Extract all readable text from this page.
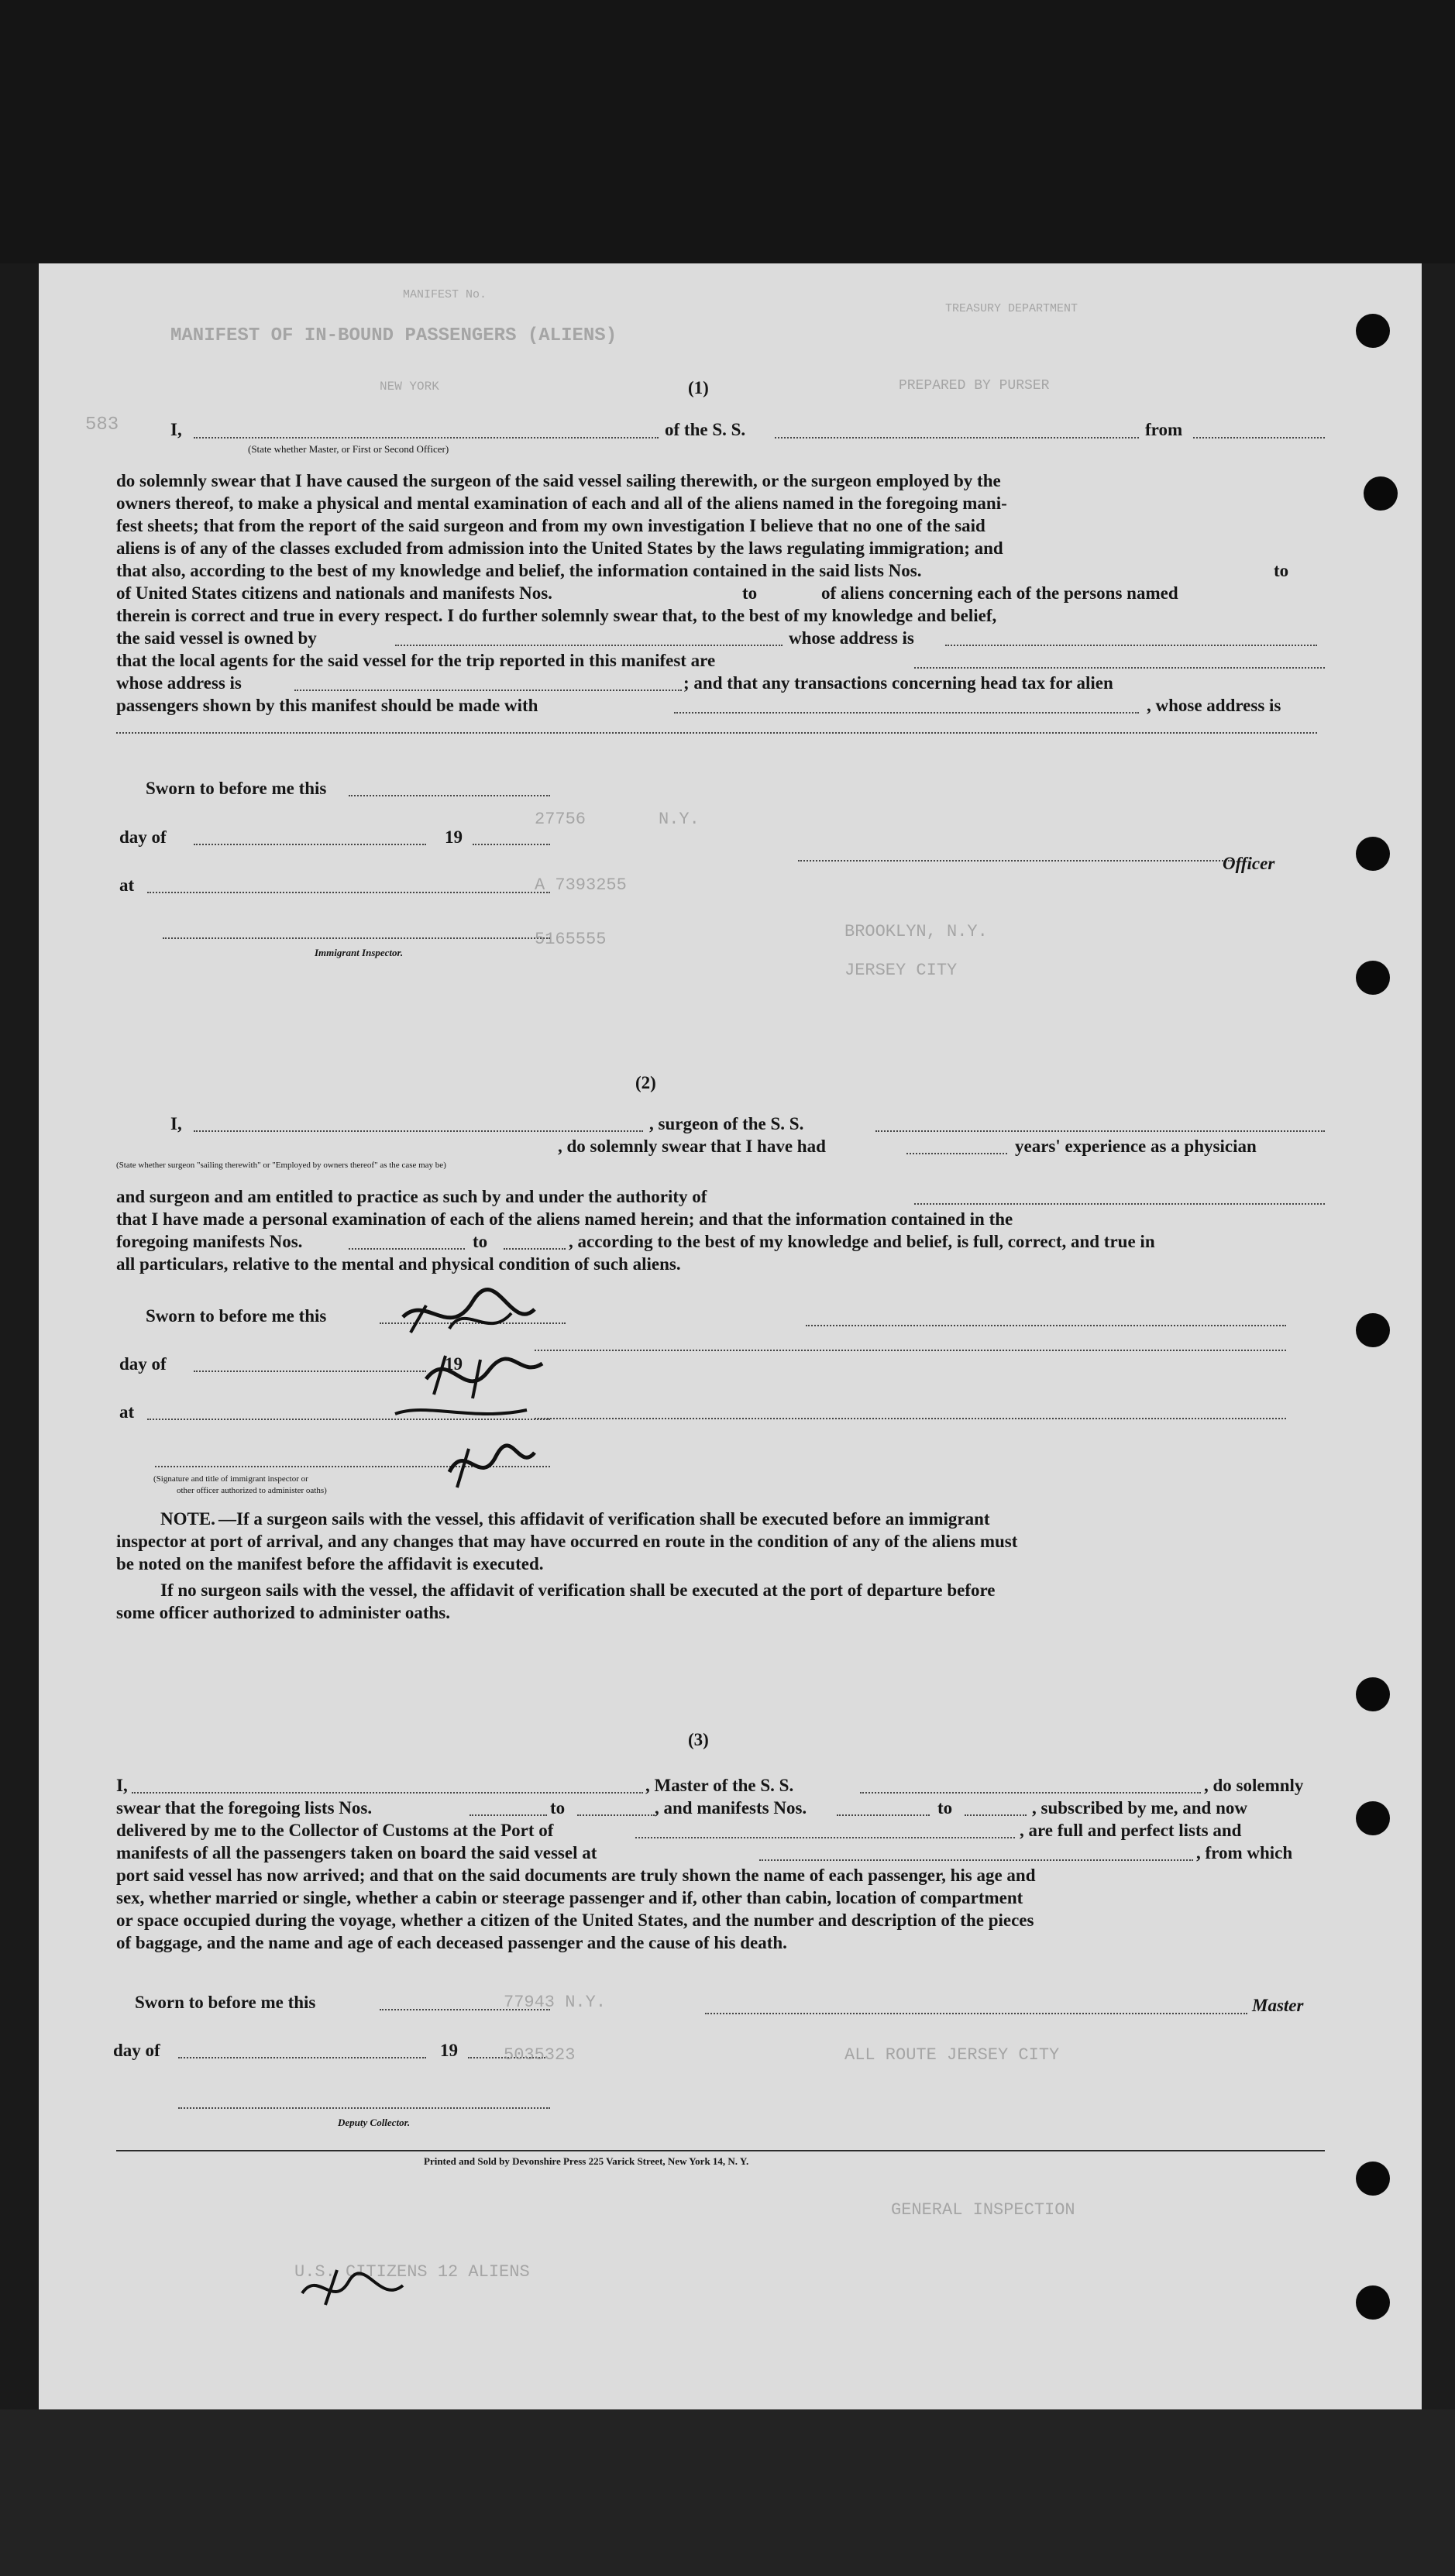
MANIFEST No.
MANIFEST OF IN-BOUND PASSENGERS (ALIENS)
TREASURY DEPARTMENT
583
PREPARED BY PURSER
NEW YORK	(1)
I,	of the S. S.	from
(State whether Master, or First or Second Officer)
do solemnly swear that I have caused the surgeon of the said vessel sailing therewith, or the surgeon employed by the
owners thereof, to make a physical and mental examination of each and all of the aliens named in the foregoing mani-
fest sheets; that from the report of the said surgeon and from my own investigation I believe that no one of the said
aliens is of any of the classes excluded from admission into the United States by the laws regulating immigration; and
that also, according to the best of my knowledge and belief, the information contained in the said lists Nos.	to
of United States citizens and nationals and manifests Nos.	to	of aliens concerning each of the persons named
therein is correct and true in every respect. I do further solemnly swear that, to the best of my knowledge and belief,
the said vessel is owned by	whose address is
that the local agents for the said vessel for the trip reported in this manifest are
whose address is	; and that any transactions concerning head tax for alien
passengers shown by this manifest should be made with	, whose address is
Sworn to before me this
day of	19
at
Immigrant Inspector.
Officer
27756	N.Y.
5165555
A 7393255
BROOKLYN, N.Y.
JERSEY CITY
(2)
I,	, surgeon of the S. S.
, do solemnly swear that I have had	years' experience as a physician
(State whether surgeon "sailing therewith" or "Employed by owners thereof" as the case may be)
and surgeon and am entitled to practice as such by and under the authority of
that I have made a personal examination of each of the aliens named herein; and that the information contained in the
foregoing manifests Nos.	to	, according to the best of my knowledge and belief, is full, correct, and true in
all particulars, relative to the mental and physical condition of such aliens.
Sworn to before me this
day of	19
at
(Signature and title of immigrant inspector or
other officer authorized to administer oaths)
NOTE. —If a surgeon sails with the vessel, this affidavit of verification shall be executed before an immigrant
inspector at port of arrival, and any changes that may have occurred en route in the condition of any of the aliens must
be noted on the manifest before the affidavit is executed.
If no surgeon sails with the vessel, the affidavit of verification shall be executed at the port of departure before
some officer authorized to administer oaths.
(3)
I,	, Master of the S. S.	, do solemnly
swear that the foregoing lists Nos.	to	, and manifests Nos.	to	, subscribed by me, and now
delivered by me to the Collector of Customs at the Port of	, are full and perfect lists and
manifests of all the passengers taken on board the said vessel at	, from which
port said vessel has now arrived; and that on the said documents are truly shown the name of each passenger, his age and
sex, whether married or single, whether a cabin or steerage passenger and if, other than cabin, location of compartment
or space occupied during the voyage, whether a citizen of the United States, and the number and description of the pieces
of baggage, and the name and age of each deceased passenger and the cause of his death.
Sworn to before me this
day of	19
Deputy Collector.
Master
77943 N.Y.
5035323	ALL ROUTE JERSEY CITY
GENERAL INSPECTION
U.S. CITIZENS 12 ALIENS
Printed and Sold by Devonshire Press 225 Varick Street, New York 14, N. Y.
